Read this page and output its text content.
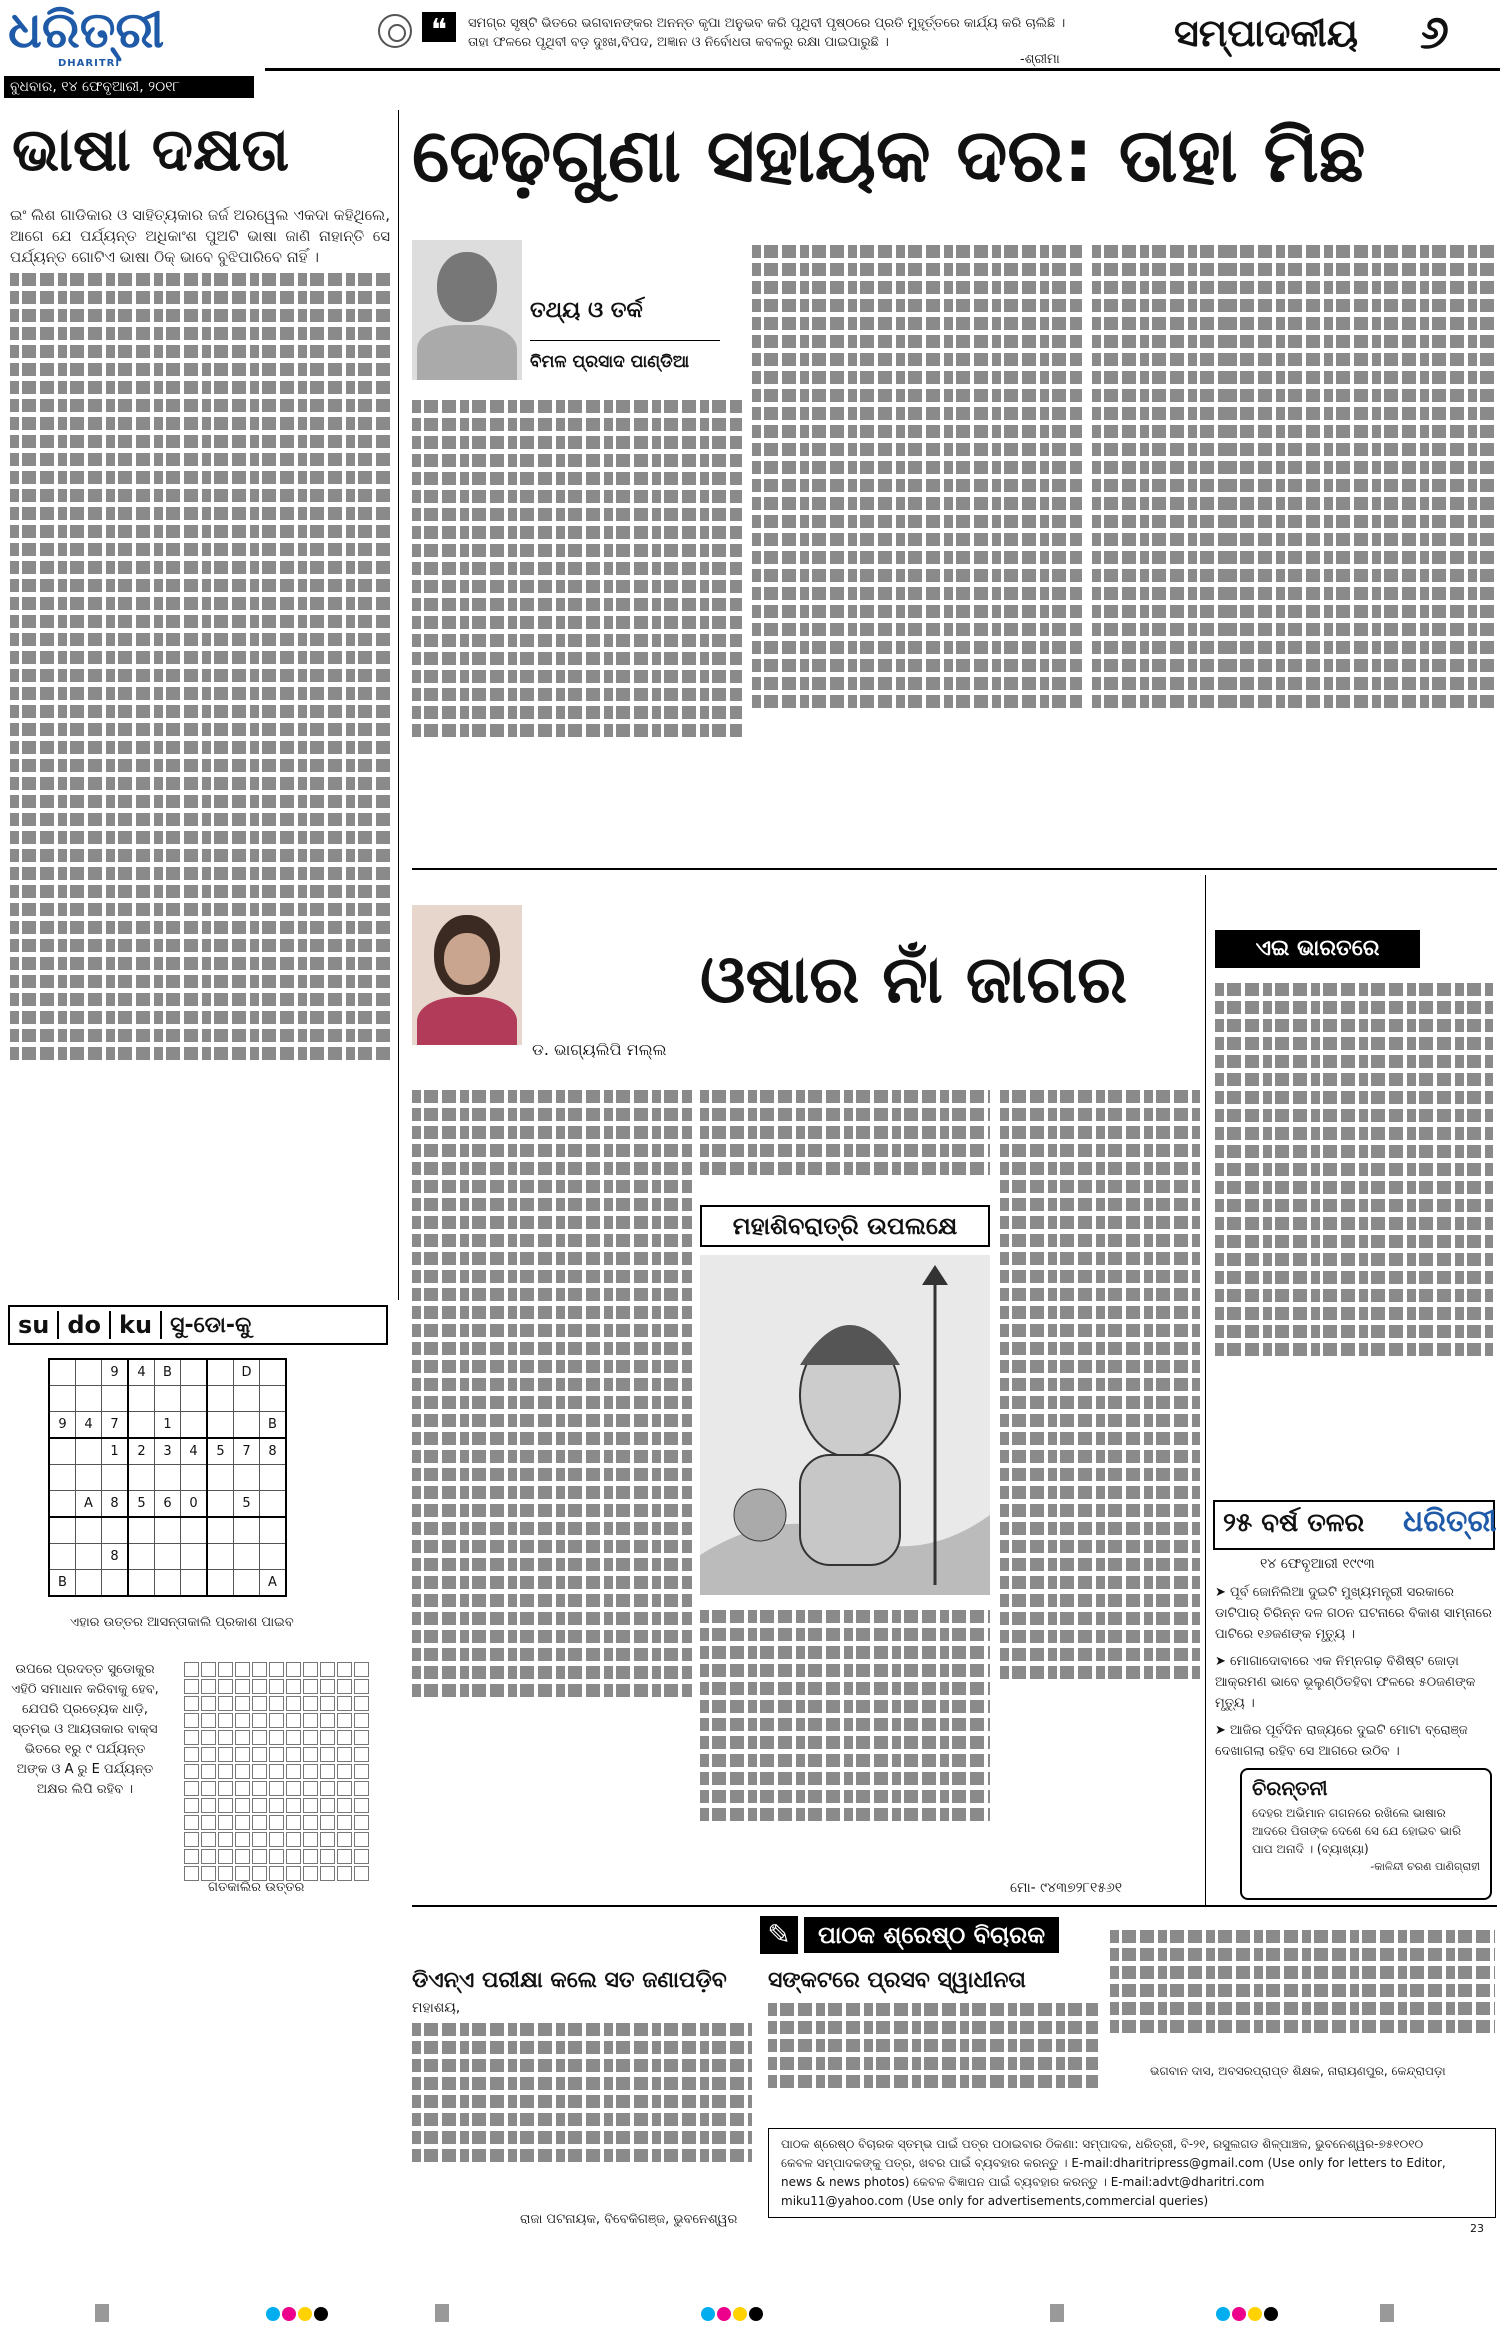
ଧରିତ୍ରୀ
DHARITRI
ବୁଧବାର, ୧୪ ଫେବୃଆରୀ, ୨୦୧୮
❝	ସମଗ୍ର ସୃଷ୍ଟି ଭିତରେ ଭଗବାନଙ୍କର ଅନନ୍ତ କୃପା ଅନୁଭବ କରି ପୃଥିବୀ ପୃଷ୍ଠରେ ପ୍ରତି ମୁହୂର୍ତ୍ତରେ କାର୍ଯ୍ୟ କରି ଚାଲିଛି । ତାହା ଫଳରେ ପୃଥିବୀ ବଡ଼ ଦୁଃଖ,ବିପଦ, ଅଜ୍ଞାନ ଓ ନିର୍ବୋଧତା କବଳରୁ ରକ୍ଷା ପାଇପାରୁଛି ।
-ଶ୍ରୀମା
ସମ୍ପାଦକୀୟ ୬
ଭାଷା ଦକ୍ଷତା
ଇଂ ଲିଶ ଗାଡିକାର ଓ ସାହିତ୍ୟକାର ଜର୍ଜ ଅରୱେଲ ଏକଦା କହିଥିଲେ, ଆଗେ ଯେ ପର୍ଯ୍ୟନ୍ତ ଅଧିକାଂଶ ପୁଅଟି ଭାଷା ଜାଣି ନାହାନ୍ତି ସେ ପର୍ଯ୍ୟନ୍ତ ଗୋଟିଏ ଭାଷା ଠିକ୍ ଭାବେ ବୁଝିପାରିବେ ନାହିଁ ।
ଦେଢ଼ଗୁଣା ସହାୟକ ଦର: ତାହା ମିଛ
ତଥ୍ୟ ଓ ତର୍କ
ବିମଳ ପ୍ରସାଦ ପାଣ୍ଡିଆ
ଡ. ଭାଗ୍ୟଲିପି ମଲ୍ଲ
ଓଷାର ନାଁ ଜାଗର
ମହାଶିବରାତ୍ରି ଉପଲକ୍ଷେ
ମୋ- ୯୪୩୭୨୮୧୫୬୧
ଏଇ ଭାରତରେ
୨୫ ବର୍ଷ ତଳର ଧରିତ୍ରୀ
୧୪ ଫେବୃଆରୀ ୧୯୯୩
➤ ପୂର୍ବ ଜୋନିଲିଆ ଦୁଇଟି ମୁଖ୍ୟମନ୍ତ୍ରୀ ସରକାରେ ଡାଟିପାର୍ ଚିରିନ୍ନ ଦଳ ଗଠନ ଘଟନାରେ ବିକାଶ ସାମ୍ନାରେ ପାଟିରେ ୧୬ଜଣଙ୍କ ମୃତ୍ୟୁ ।
➤ ମୋଗାଦୋବାରେ ଏକ ନିମ୍ନଗଢ଼ ବିଶିଷ୍ଟ ଜୋଡ଼ା ଆକ୍ରମଣ ଭାବେ ଭୂଲୁଣ୍ଠିତହିବା ଫଳରେ ୫୦ଜଣଙ୍କ ମୃତ୍ୟୁ ।
➤ ଆଜିର ପୂର୍ବଦିନ ରାଜ୍ୟରେ ଦୁଇଟି ମୋଟା ବ୍ରୋଞ୍ଜ ଦେଖାଗଲା ରହିବ ସେ ଆଗରେ ଉଠିବ ।
ଚିରନ୍ତନୀ
ଦେହର ଅଭିମାନ ଗଗନରେ ରଖିଲେ ଭାଷାର ଆଦରେ ପିତାଙ୍କ ଦେଶେ ସେ ଯେ ହୋଇବ ଭାରି ପାପ ଅନାଦି । (ବ୍ୟାଖ୍ୟା)
-କାଳିନ୍ଦୀ ଚରଣ ପାଣିଗ୍ରାହୀ
su do ku ସୁ-ଡୋ-କୁ
		9	4	B			D	

9	4	7		1				B
		1	2	3	4	5	7	8

	A	8	5	6	0		5	

		8						
B								A
ଏହାର ଉତ୍ତର ଆସନ୍ତାକାଲି ପ୍ରକାଶ ପାଇବ
ଉପରେ ପ୍ରଦତ୍ତ ସୁଡୋକୁର ଏହିଠି ସମାଧାନ କରିବାକୁ ହେବ, ଯେପରି ପ୍ରତ୍ୟେକ ଧାଡ଼ି, ସ୍ତମ୍ଭ ଓ ଆୟତାକାର ବାକ୍ସ ଭିତରେ ୧ରୁ ୯ ପର୍ଯ୍ୟନ୍ତ ଅଙ୍କ ଓ A ରୁ E ପର୍ଯ୍ୟନ୍ତ ଅକ୍ଷର ଲିପି ରହିବ ।

ଗତକାଲିର ଉତ୍ତର
✎	ପାଠକ ଶ୍ରେଷ୍ଠ ବିଚାରକ
ଡିଏନ୍ଏ ପରୀକ୍ଷା କଲେ ସତ ଜଣାପଡ଼ିବ
ମହାଶୟ,
ରାଜା ପଟନାୟକ, ବିବେକିଗଞ୍ଜ, ଭୁବନେଶ୍ୱର
ସଙ୍କଟରେ ପ୍ରସବ ସ୍ୱାଧୀନତା
ଭଗବାନ ଦାସ, ଅବସରପ୍ରାପ୍ତ ଶିକ୍ଷକ, ନାରାୟଣପୁର, କେନ୍ଦ୍ରାପଡ଼ା
ପାଠକ ଶ୍ରେଷ୍ଠ ବିଚାରକ ସ୍ତମ୍ଭ ପାଇଁ ପତ୍ର ପଠାଇବାର ଠିକଣା: ସମ୍ପାଦକ, ଧରିତ୍ରୀ, ବି-୨୧, ରସୁଲଗଡ ଶିଳ୍ପାଞ୍ଚଳ, ଭୁବନେଶ୍ୱର-୭୫୧୦୧୦
କେବଳ ସମ୍ପାଦକଙ୍କୁ ପତ୍ର, ଖବର ପାଇଁ ବ୍ୟବହାର କରନ୍ତୁ । E-mail:dharitripress@gmail.com (Use only for letters to Editor,
news & news photos) କେବଳ ବିଜ୍ଞାପନ ପାଇଁ ବ୍ୟବହାର କରନ୍ତୁ । E-mail:advt@dharitri.com
miku11@yahoo.com (Use only for advertisements,commercial queries)
23
